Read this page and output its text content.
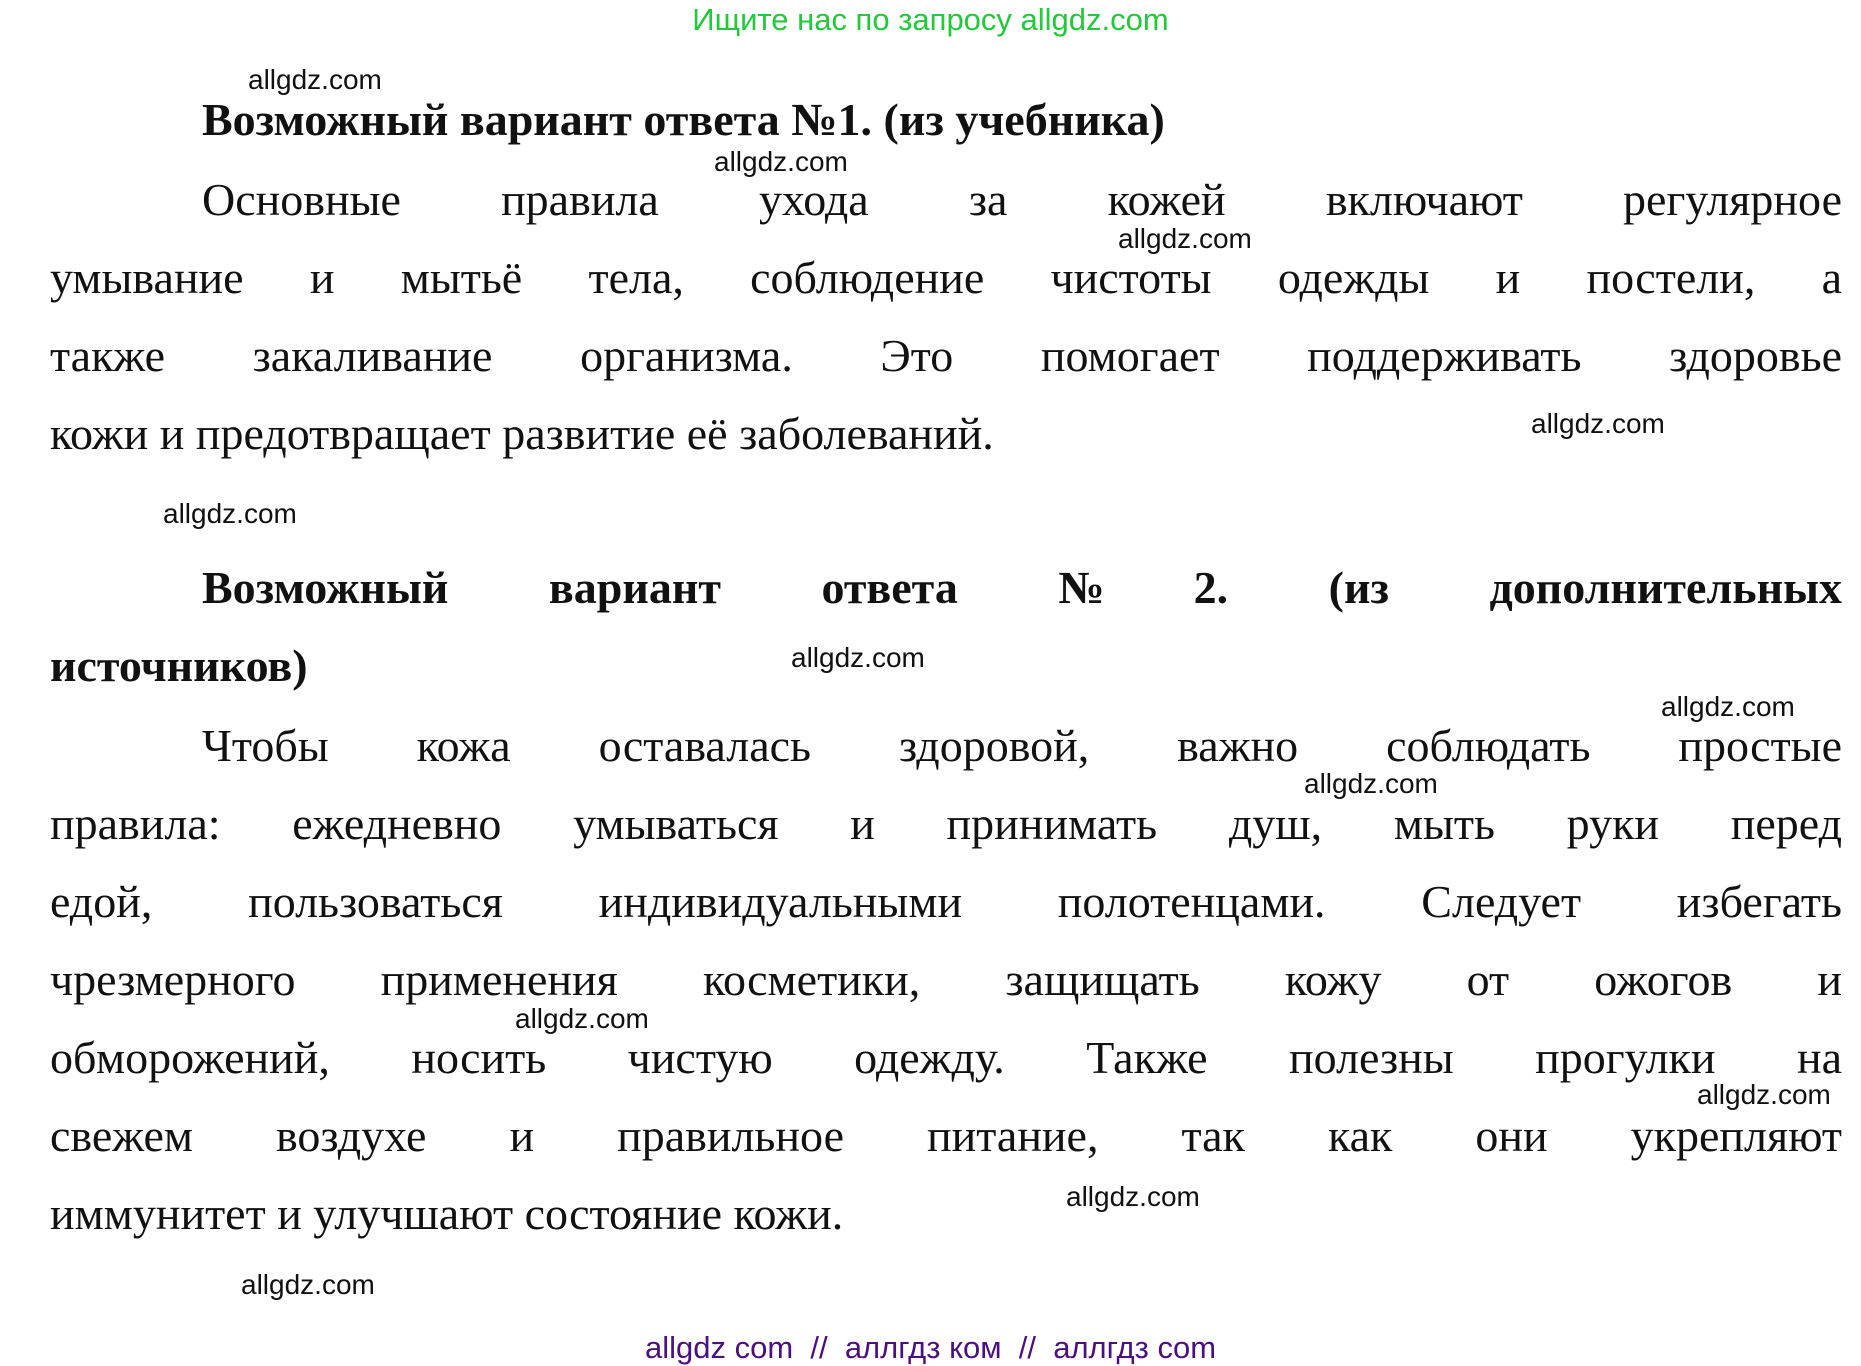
Ищите нас по запросу allgdz.com
Возможный вариант ответа №1. (из учебника)
Основные правила ухода за кожей включают регулярное
умывание и мытьё тела, соблюдение чистоты одежды и постели, а
также закаливание организма. Это помогает поддерживать здоровье
кожи и предотвращает развитие её заболеваний.
Возможный вариант ответа №2. (из дополнительных
источников)
Чтобы кожа оставалась здоровой, важно соблюдать простые
правила: ежедневно умываться и принимать душ, мыть руки перед
едой, пользоваться индивидуальными полотенцами. Следует избегать
чрезмерного применения косметики, защищать кожу от ожогов и
обморожений, носить чистую одежду. Также полезны прогулки на
свежем воздухе и правильное питание, так как они укрепляют
иммунитет и улучшают состояние кожи.
allgdz.com
allgdz.com
allgdz.com
allgdz.com
allgdz.com
allgdz.com
allgdz.com
allgdz.com
allgdz.com
allgdz.com
allgdz.com
allgdz.com
allgdz com  //  аллгдз ком  //  аллгдз com
